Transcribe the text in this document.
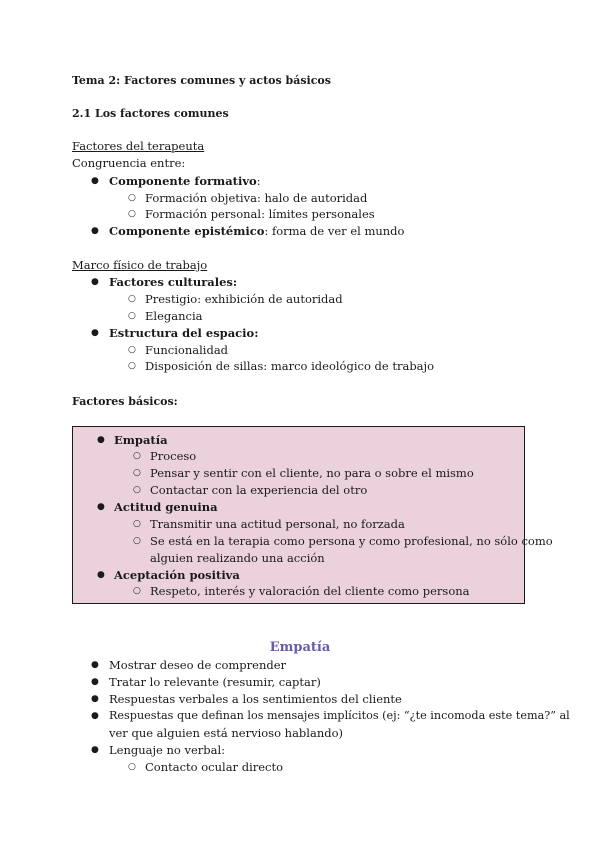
Tema 2: Factores comunes y actos básicos
2.1 Los factores comunes
Factores del terapeuta
Congruencia entre:
● Componente formativo:
○ Formación objetiva: halo de autoridad
○ Formación personal: límites personales
● Componente epistémico: forma de ver el mundo
Marco físico de trabajo
● Factores culturales:
○ Prestigio: exhibición de autoridad
○ Elegancia
● Estructura del espacio:
○ Funcionalidad
○ Disposición de sillas: marco ideológico de trabajo
Factores básicos:
● Empatía
○ Proceso
○ Pensar y sentir con el cliente, no para o sobre el mismo
○ Contactar con la experiencia del otro
● Actitud genuina
○ Transmitir una actitud personal, no forzada
○ Se está en la terapia como persona y como profesional, no sólo como
alguien realizando una acción
● Aceptación positiva
○ Respeto, interés y valoración del cliente como persona
Empatía
● Mostrar deseo de comprender
● Tratar lo relevante (resumir, captar)
● Respuestas verbales a los sentimientos del cliente
● Respuestas que definan los mensajes implícitos (ej: “¿te incomoda este tema?” al
ver que alguien está nervioso hablando)
● Lenguaje no verbal:
○ Contacto ocular directo
